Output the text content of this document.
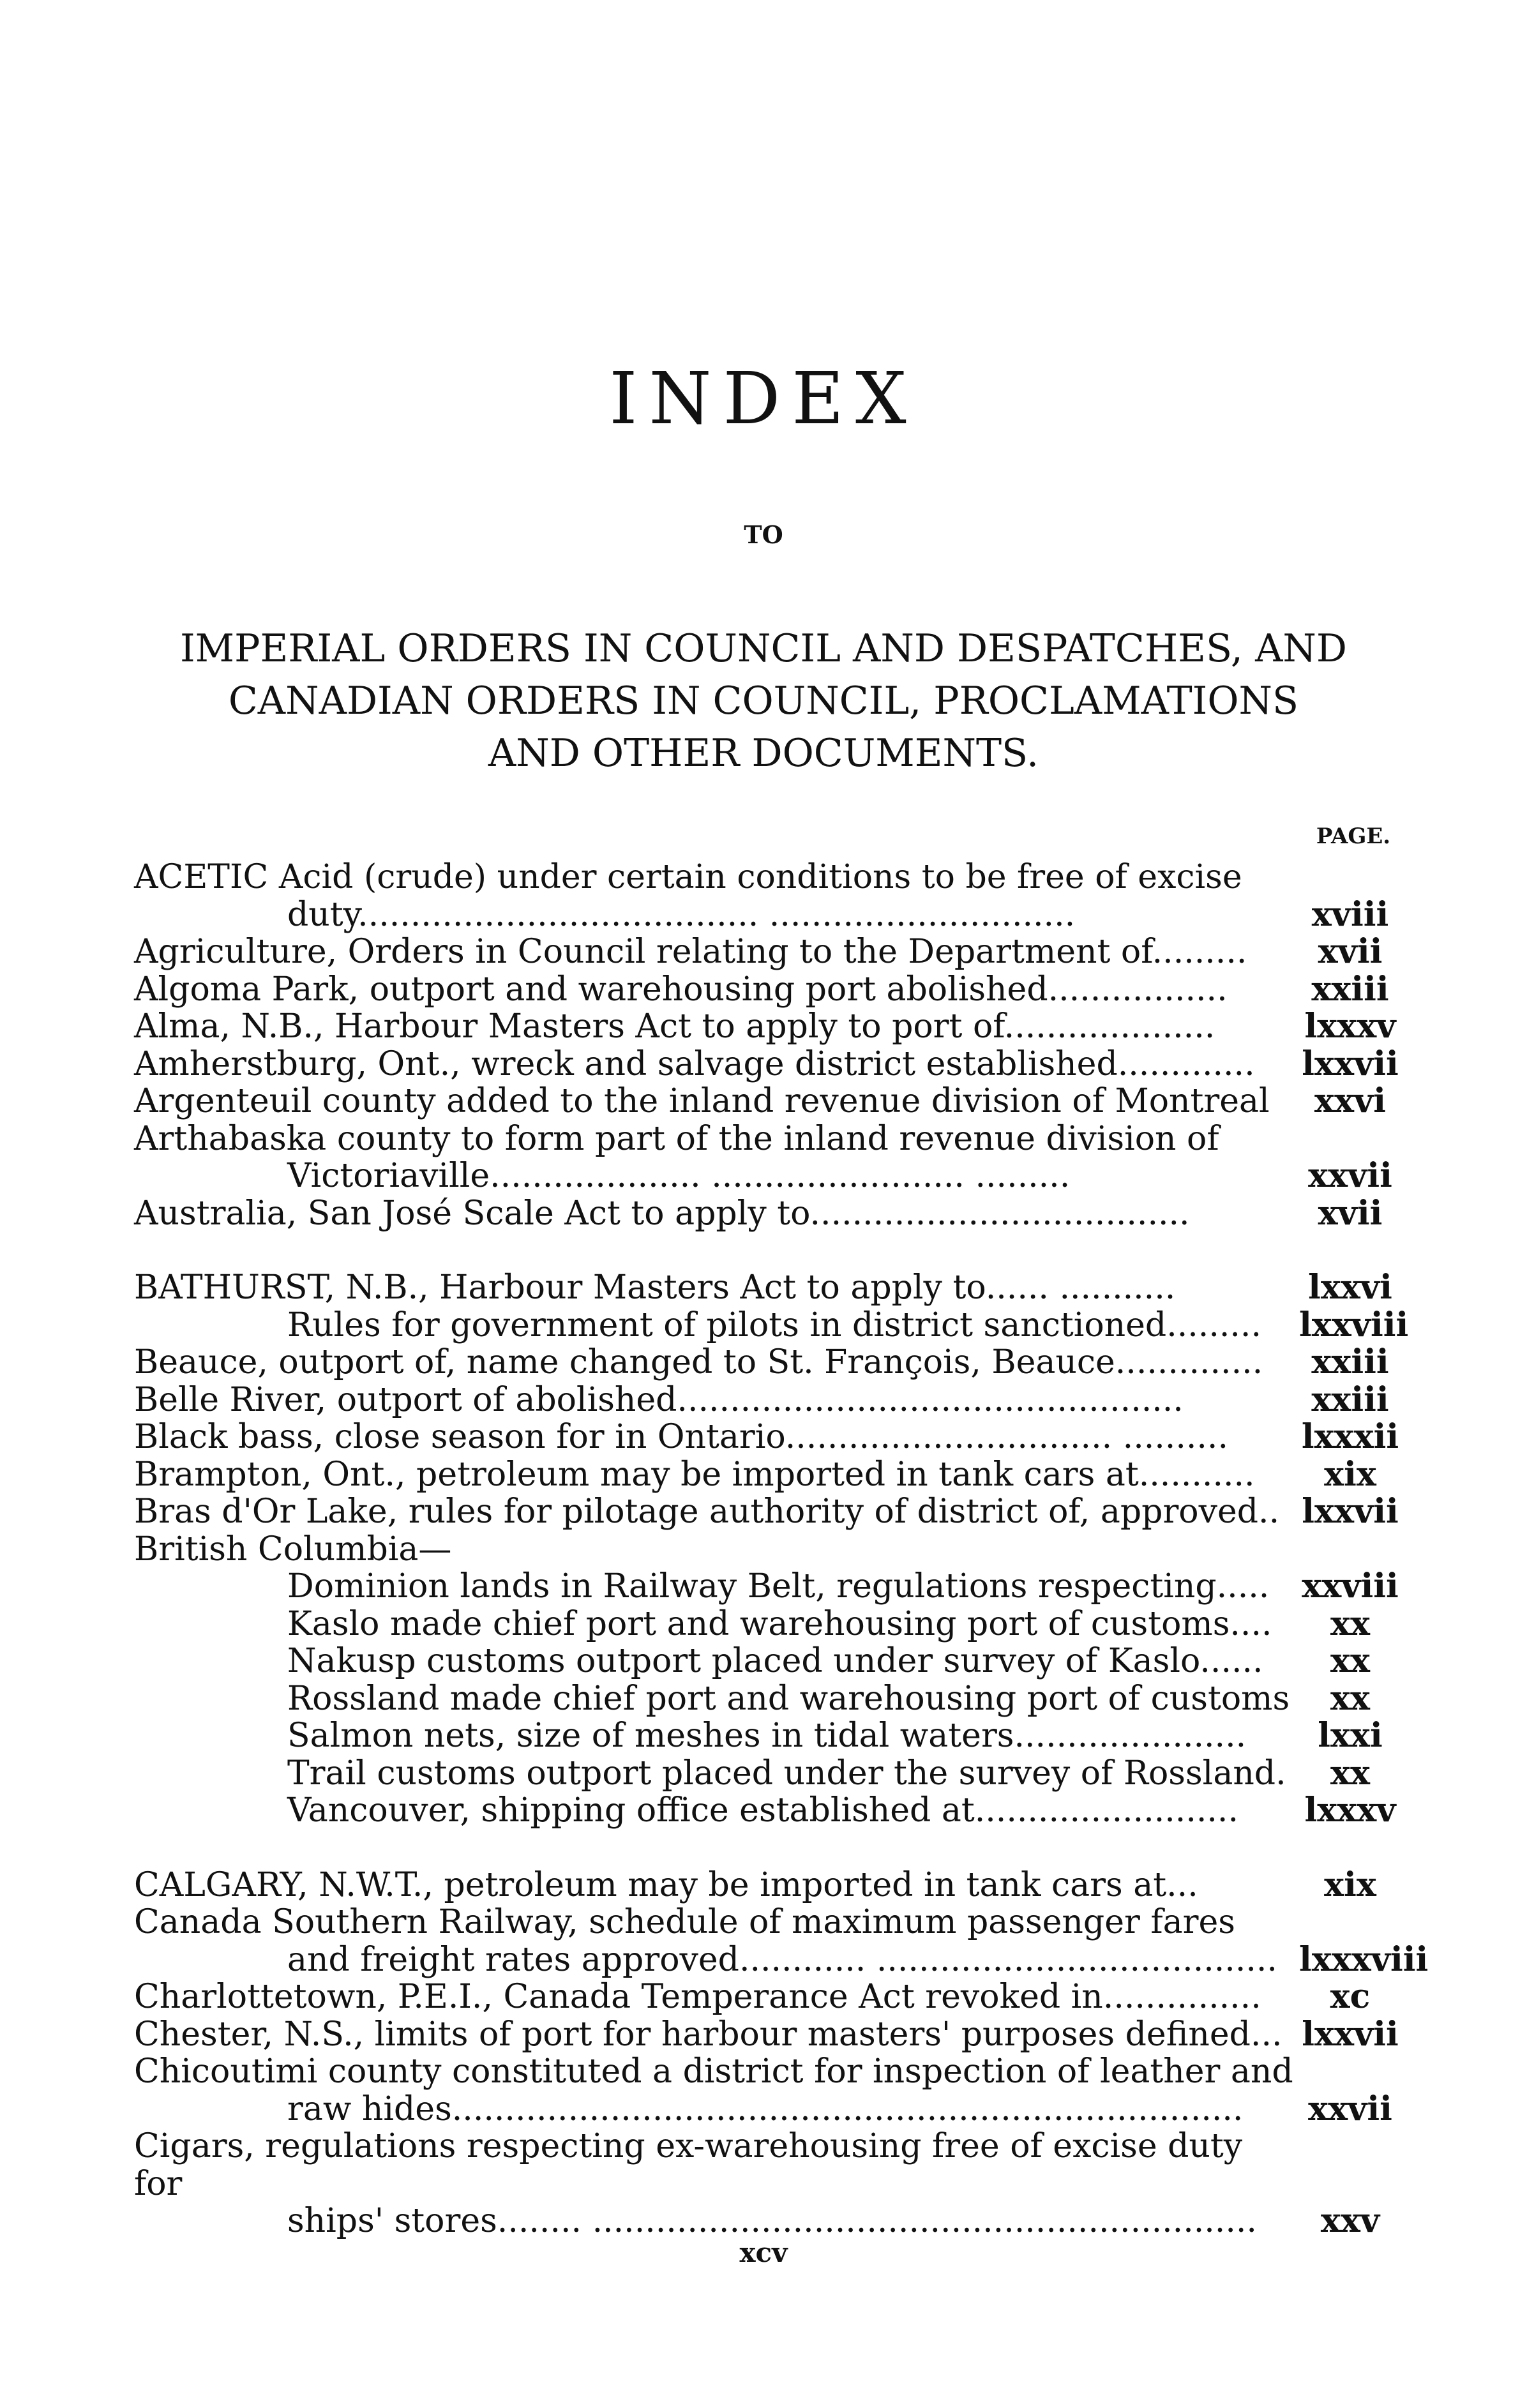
INDEX
TO
IMPERIAL ORDERS IN COUNCIL AND DESPATCHES, AND
CANADIAN ORDERS IN COUNCIL, PROCLAMATIONS
AND OTHER DOCUMENTS.
PAGE.
ACETIC Acid (crude) under certain conditions to be free of excise
duty...................................... .............................	xviii
Agriculture, Orders in Council relating to the Department of.........	xvii
Algoma Park, outport and warehousing port abolished.................	xxiii
Alma, N.B., Harbour Masters Act to apply to port of....................	lxxxv
Amherstburg, Ont., wreck and salvage district established.............	lxxvii
Argenteuil county added to the inland revenue division of Montreal	xxvi
Arthabaska county to form part of the inland revenue division of
Victoriaville.................... ........................ .........	xxvii
Australia, San José Scale Act to apply to....................................	xvii
BATHURST, N.B., Harbour Masters Act to apply to...... ...........	lxxvi
Rules for government of pilots in district sanctioned.........	lxxviii
Beauce, outport of, name changed to St. François, Beauce..............	xxiii
Belle River, outport of abolished................................................	xxiii
Black bass, close season for in Ontario............................... ..........	lxxxii
Brampton, Ont., petroleum may be imported in tank cars at...........	xix
Bras d'Or Lake, rules for pilotage authority of district of, approved.. lxxvii
British Columbia—
Dominion lands in Railway Belt, regulations respecting..... xxviii
Kaslo made chief port and warehousing port of customs....	xx
Nakusp customs outport placed under survey of Kaslo......	xx
Rossland made chief port and warehousing port of customs	xx
Salmon nets, size of meshes in tidal waters......................	lxxi
Trail customs outport placed under the survey of Rossland.	xx
Vancouver, shipping office established at.........................	lxxxv
CALGARY, N.W.T., petroleum may be imported in tank cars at...	xix
Canada Southern Railway, schedule of maximum passenger fares
and freight rates approved............ ...................................... lxxxviii
Charlottetown, P.E.I., Canada Temperance Act revoked in...............	xc
Chester, N.S., limits of port for harbour masters' purposes defined... lxxvii
Chicoutimi county constituted a district for inspection of leather and
raw hides...........................................................................	xxvii
Cigars, regulations respecting ex-warehousing free of excise duty for
ships' stores........ ...............................................................	xxv
xcv
